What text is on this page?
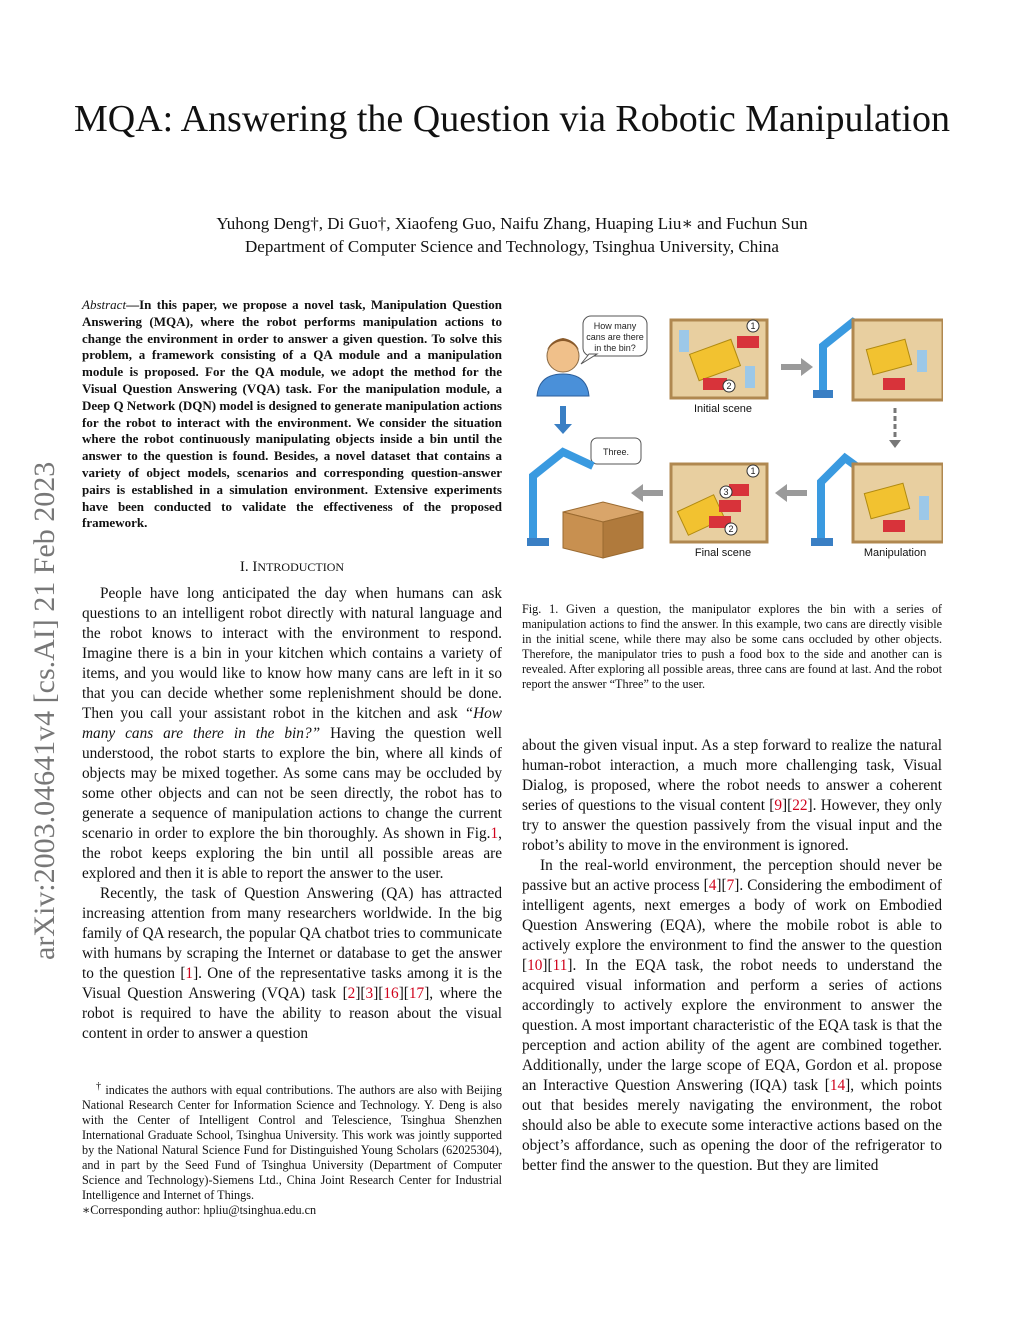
MQA: Answering the Question via Robotic Manipulation
Yuhong Deng†, Di Guo†, Xiaofeng Guo, Naifu Zhang, Huaping Liu∗ and Fuchun Sun
Department of Computer Science and Technology, Tsinghua University, China
arXiv:2003.04641v4 [cs.AI] 21 Feb 2023
Abstract—In this paper, we propose a novel task, Manipulation Question Answering (MQA), where the robot performs manipulation actions to change the environment in order to answer a given question. To solve this problem, a framework consisting of a QA module and a manipulation module is proposed. For the QA module, we adopt the method for the Visual Question Answering (VQA) task. For the manipulation module, a Deep Q Network (DQN) model is designed to generate manipulation actions for the robot to interact with the environment. We consider the situation where the robot continuously manipulating objects inside a bin until the answer to the question is found. Besides, a novel dataset that contains a variety of object models, scenarios and corresponding question-answer pairs is established in a simulation environment. Extensive experiments have been conducted to validate the effectiveness of the proposed framework.
I. INTRODUCTION

People have long anticipated the day when humans can ask questions to an intelligent robot directly with natural language and the robot knows to interact with the environment to respond. Imagine there is a bin in your kitchen which contains a variety of items, and you would like to know how many cans are left in it so that you can decide whether some replenishment should be done. Then you call your assistant robot in the kitchen and ask “How many cans are there in the bin?” Having the question well understood, the robot starts to explore the bin, where all kinds of objects may be mixed together. As some cans may be occluded by some other objects and can not be seen directly, the robot has to generate a sequence of manipulation actions to change the current scenario in order to explore the bin thoroughly. As shown in Fig.1, the robot keeps exploring the bin until all possible areas are explored and then it is able to report the answer to the user.

Recently, the task of Question Answering (QA) has attracted increasing attention from many researchers worldwide. In the big family of QA research, the popular QA chatbot tries to communicate with humans by scraping the Internet or database to get the answer to the question [1]. One of the representative tasks among it is the Visual Question Answering (VQA) task [2][3][16][17], where the robot is required to have the ability to reason about the visual content in order to answer a question

† indicates the authors with equal contributions. The authors are also with Beijing National Research Center for Information Science and Technology. Y. Deng is also with the Center of Intelligent Control and Telescience, Tsinghua Shenzhen International Graduate School, Tsinghua University. This work was jointly supported by the National Natural Science Fund for Distinguished Young Scholars (62025304), and in part by the Seed Fund of Tsinghua University (Department of Computer Science and Technology)-Siemens Ltd., China Joint Research Center for Industrial Intelligence and Internet of Things.
∗Corresponding author: hpliu@tsinghua.edu.cn
How many
cans are there
in the bin?
1
2
Initial scene
Three.
1
3
2
Final scene	Manipulation
Fig. 1. Given a question, the manipulator explores the bin with a series of manipulation actions to find the answer. In this example, two cans are directly visible in the initial scene, while there may also be some cans occluded by other objects. Therefore, the manipulator tries to push a food box to the side and another can is revealed. After exploring all possible areas, three cans are found at last. And the robot report the answer “Three” to the user.

about the given visual input. As a step forward to realize the natural human-robot interaction, a much more challenging task, Visual Dialog, is proposed, where the robot needs to answer a coherent series of questions to the visual content [9][22]. However, they only try to answer the question passively from the visual input and the robot’s ability to move in the environment is ignored.

In the real-world environment, the perception should never be passive but an active process [4][7]. Considering the embodiment of intelligent agents, next emerges a body of work on Embodied Question Answering (EQA), where the mobile robot is able to actively explore the environment to find the answer to the question [10][11]. In the EQA task, the robot needs to understand the acquired visual information and perform a series of actions accordingly to actively explore the environment to answer the question. A most important characteristic of the EQA task is that the perception and action ability of the agent are combined together. Additionally, under the large scope of EQA, Gordon et al. propose an Interactive Question Answering (IQA) task [14], which points out that besides merely navigating the environment, the robot should also be able to execute some interactive actions based on the object’s affordance, such as opening the door of the refrigerator to better find the answer to the question. But they are limited
